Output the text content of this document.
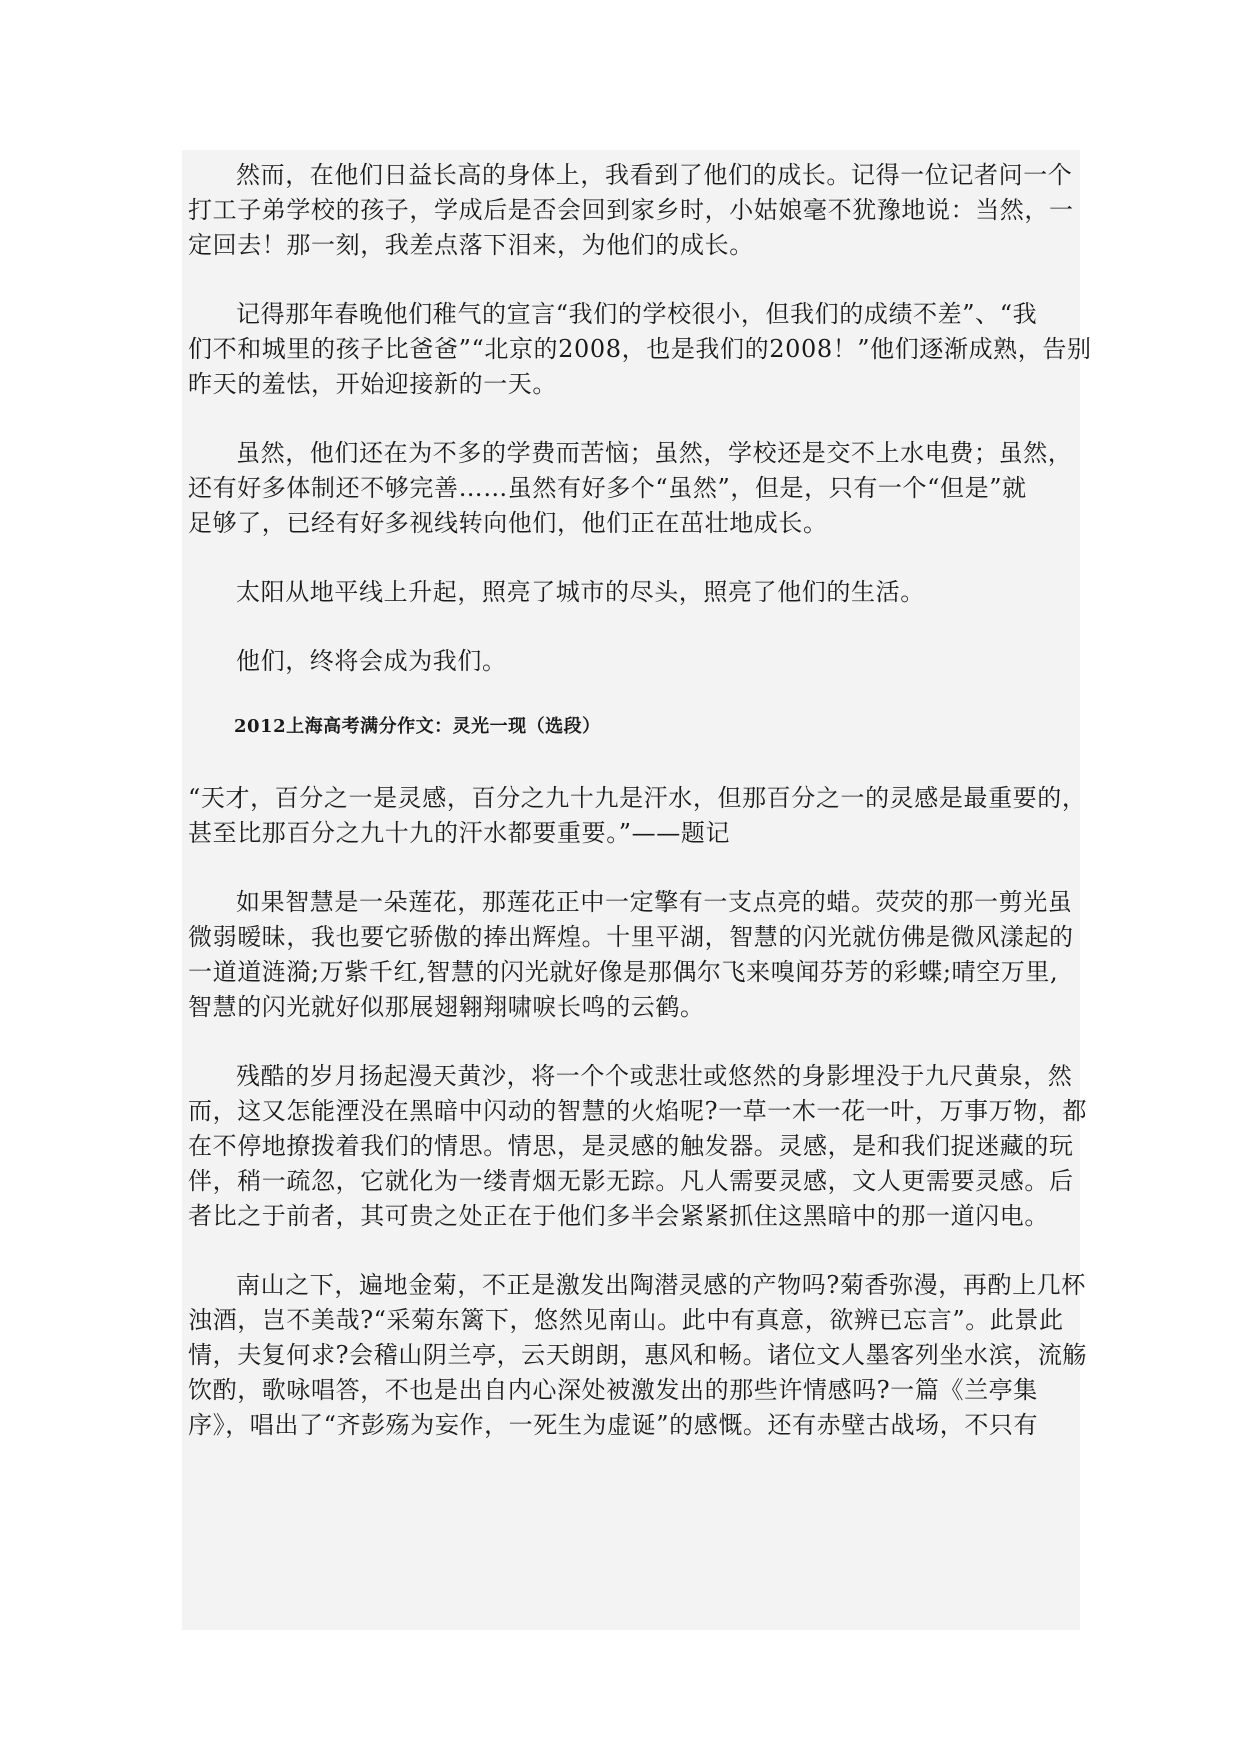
然而，在他们日益长高的身体上，我看到了他们的成长。记得一位记者问一个
打工子弟学校的孩子，学成后是否会回到家乡时，小姑娘毫不犹豫地说：当然，一
定回去！那一刻，我差点落下泪来，为他们的成长。
记得那年春晚他们稚气的宣言“我们的学校很小，但我们的成绩不差”、“我
们不和城里的孩子比爸爸”“北京的2008，也是我们的2008！”他们逐渐成熟，告别
昨天的羞怯，开始迎接新的一天。
虽然，他们还在为不多的学费而苦恼；虽然，学校还是交不上水电费；虽然，
还有好多体制还不够完善……虽然有好多个“虽然”，但是，只有一个“但是”就
足够了，已经有好多视线转向他们，他们正在茁壮地成长。
太阳从地平线上升起，照亮了城市的尽头，照亮了他们的生活。
他们，终将会成为我们。
2012上海高考满分作文：灵光一现（选段）
“天才，百分之一是灵感，百分之九十九是汗水，但那百分之一的灵感是最重要的，
甚至比那百分之九十九的汗水都要重要。”——题记
如果智慧是一朵莲花，那莲花正中一定擎有一支点亮的蜡。荧荧的那一剪光虽
微弱暧昧，我也要它骄傲的捧出辉煌。十里平湖，智慧的闪光就仿佛是微风漾起的
一道道涟漪;万紫千红,智慧的闪光就好像是那偶尔飞来嗅闻芬芳的彩蝶;晴空万里,
智慧的闪光就好似那展翅翱翔啸唳长鸣的云鹤。
残酷的岁月扬起漫天黄沙，将一个个或悲壮或悠然的身影埋没于九尺黄泉，然
而，这又怎能湮没在黑暗中闪动的智慧的火焰呢?一草一木一花一叶，万事万物，都
在不停地撩拨着我们的情思。情思，是灵感的触发器。灵感，是和我们捉迷藏的玩
伴，稍一疏忽，它就化为一缕青烟无影无踪。凡人需要灵感，文人更需要灵感。后
者比之于前者，其可贵之处正在于他们多半会紧紧抓住这黑暗中的那一道闪电。
南山之下，遍地金菊，不正是激发出陶潜灵感的产物吗?菊香弥漫，再酌上几杯
浊酒，岂不美哉?“采菊东篱下，悠然见南山。此中有真意，欲辨已忘言”。此景此
情，夫复何求?会稽山阴兰亭，云天朗朗，惠风和畅。诸位文人墨客列坐水滨，流觞
饮酌，歌咏唱答，不也是出自内心深处被激发出的那些许情感吗?一篇《兰亭集
序》，唱出了“齐彭殇为妄作，一死生为虚诞”的感慨。还有赤壁古战场，不只有
